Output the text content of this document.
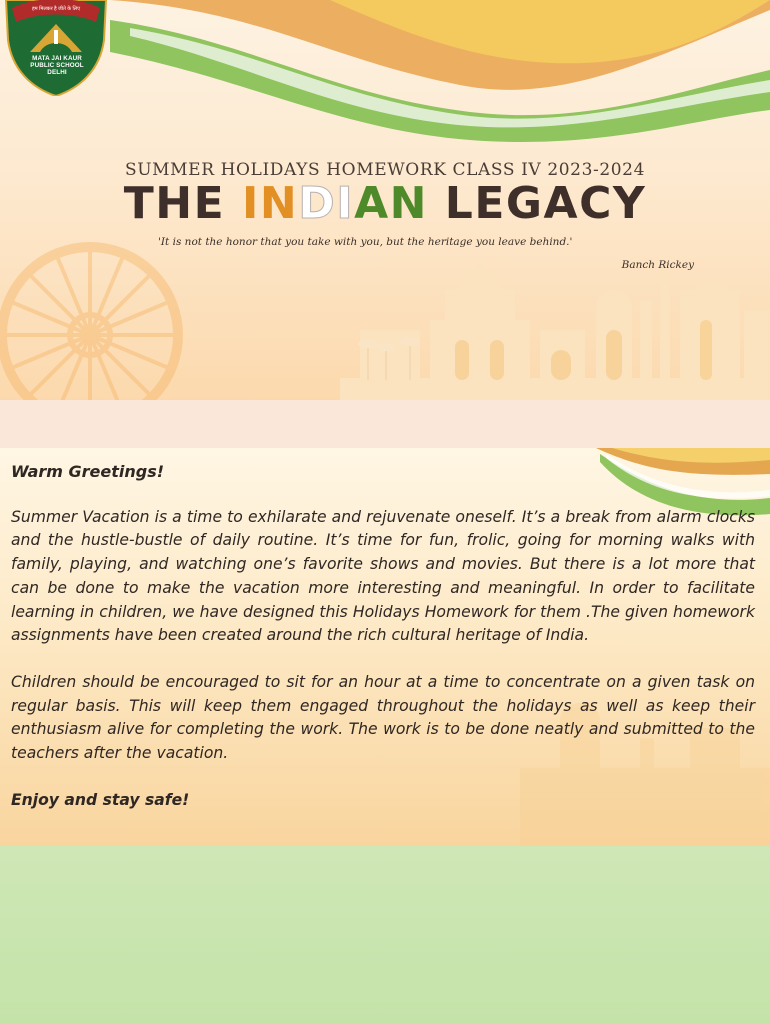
हम मिलकर है जीते के लिए
MATA JAI KAUR
PUBLIC SCHOOL
DELHI
SUMMER HOLIDAYS HOMEWORK CLASS IV 2023-2024
THE INDIAN LEGACY
'It is not the honor that you take with you, but the heritage you leave behind.'
Banch Rickey

Warm Greetings!

Summer Vacation is a time to exhilarate and rejuvenate oneself. It’s a break from alarm clocks and the hustle-bustle of daily routine. It’s time for fun, frolic, going for morning walks with family, playing, and watching one’s favorite shows and movies. But there is a lot more that can be done to make the vacation more interesting and meaningful. In order to facilitate learning in children, we have designed this Holidays Homework for them .The given homework assignments have been created around the rich cultural heritage of India.

Children should be encouraged to sit for an hour at a time to concentrate on a given task on regular basis. This will keep them engaged throughout the holidays as well as keep their enthusiasm alive for completing the work. The work is to be done neatly and submitted to the teachers after the vacation.

Enjoy and stay safe!
